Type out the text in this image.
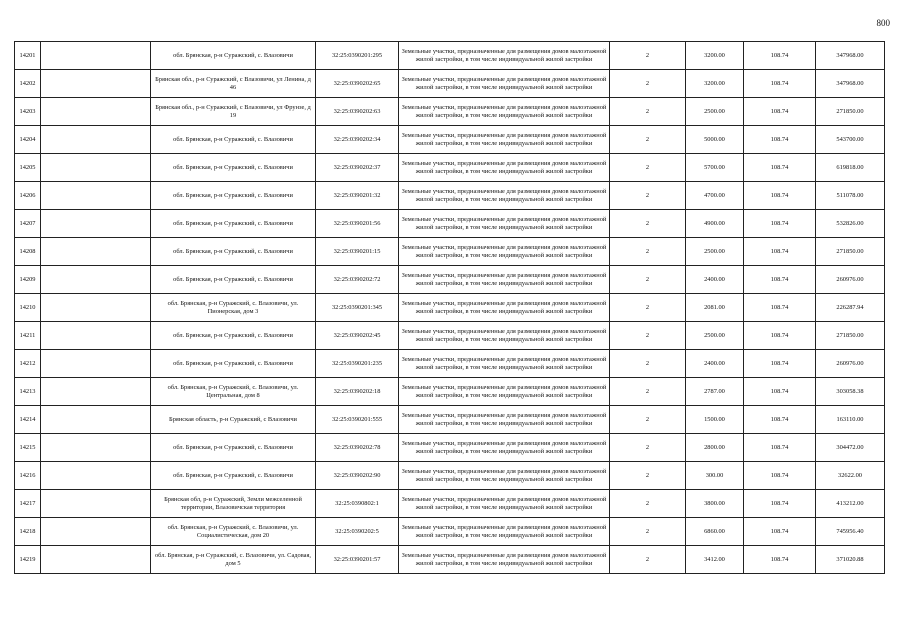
800
14201		обл. Брянская, р-н Суражский, с. Влазовичи	32:25:0390201:295	Земельные участки, предназначенные для размещения домов малоэтажной жилой застройки, в том числе индивидуальной жилой застройки	2	3200.00	108.74	347968.00
14202		Брянская обл., р-н Суражский, с Влазовичи, ул Ленина, д 46	32:25:0390202:65	Земельные участки, предназначенные для размещения домов малоэтажной жилой застройки, в том числе индивидуальной жилой застройки	2	3200.00	108.74	347968.00
14203		Брянская обл., р-н Суражский, с Влазовичи, ул Фрунзе, д 19	32:25:0390202:63	Земельные участки, предназначенные для размещения домов малоэтажной жилой застройки, в том числе индивидуальной жилой застройки	2	2500.00	108.74	271850.00
14204		обл. Брянская, р-н Суражский, с. Влазовичи	32:25:0390202:34	Земельные участки, предназначенные для размещения домов малоэтажной жилой застройки, в том числе индивидуальной жилой застройки	2	5000.00	108.74	543700.00
14205		обл. Брянская, р-н Суражский, с. Влазовичи	32:25:0390202:37	Земельные участки, предназначенные для размещения домов малоэтажной жилой застройки, в том числе индивидуальной жилой застройки	2	5700.00	108.74	619818.00
14206		обл. Брянская, р-н Суражский, с. Влазовичи	32:25:0390201:32	Земельные участки, предназначенные для размещения домов малоэтажной жилой застройки, в том числе индивидуальной жилой застройки	2	4700.00	108.74	511078.00
14207		обл. Брянская, р-н Суражский, с. Влазовичи	32:25:0390201:56	Земельные участки, предназначенные для размещения домов малоэтажной жилой застройки, в том числе индивидуальной жилой застройки	2	4900.00	108.74	532826.00
14208		обл. Брянская, р-н Суражский, с. Влазовичи	32:25:0390201:15	Земельные участки, предназначенные для размещения домов малоэтажной жилой застройки, в том числе индивидуальной жилой застройки	2	2500.00	108.74	271850.00
14209		обл. Брянская, р-н Суражский, с. Влазовичи	32:25:0390202:72	Земельные участки, предназначенные для размещения домов малоэтажной жилой застройки, в том числе индивидуальной жилой застройки	2	2400.00	108.74	260976.00
14210		обл. Брянская, р-н Суражский, с. Влазовичи, ул. Пионерская, дом 3	32:25:0390201:345	Земельные участки, предназначенные для размещения домов малоэтажной жилой застройки, в том числе индивидуальной жилой застройки	2	2081.00	108.74	226287.94
14211		обл. Брянская, р-н Суражский, с. Влазовичи	32:25:0390202:45	Земельные участки, предназначенные для размещения домов малоэтажной жилой застройки, в том числе индивидуальной жилой застройки	2	2500.00	108.74	271850.00
14212		обл. Брянская, р-н Суражский, с. Влазовичи	32:25:0390201:235	Земельные участки, предназначенные для размещения домов малоэтажной жилой застройки, в том числе индивидуальной жилой застройки	2	2400.00	108.74	260976.00
14213		обл. Брянская, р-н Суражский, с. Влазовичи, ул. Центральная, дом 8	32:25:0390202:18	Земельные участки, предназначенные для размещения домов малоэтажной жилой застройки, в том числе индивидуальной жилой застройки	2	2787.00	108.74	303058.38
14214		Брянская область, р-н Суражский, с Влазовичи	32:25:0390201:555	Земельные участки, предназначенные для размещения домов малоэтажной жилой застройки, в том числе индивидуальной жилой застройки	2	1500.00	108.74	163110.00
14215		обл. Брянская, р-н Суражский, с. Влазовичи	32:25:0390202:78	Земельные участки, предназначенные для размещения домов малоэтажной жилой застройки, в том числе индивидуальной жилой застройки	2	2800.00	108.74	304472.00
14216		обл. Брянская, р-н Суражский, с. Влазовичи	32:25:0390202:90	Земельные участки, предназначенные для размещения домов малоэтажной жилой застройки, в том числе индивидуальной жилой застройки	2	300.00	108.74	32622.00
14217		Брянская обл, р-н Суражский, Земли межселенной территории, Влазовичская территория	32:25:0390802:1	Земельные участки, предназначенные для размещения домов малоэтажной жилой застройки, в том числе индивидуальной жилой застройки	2	3800.00	108.74	413212.00
14218		обл. Брянская, р-н Суражский, с. Влазовичи, ул. Социалистическая, дом 20	32:25:0390202:5	Земельные участки, предназначенные для размещения домов малоэтажной жилой застройки, в том числе индивидуальной жилой застройки	2	6860.00	108.74	745956.40
14219		обл. Брянская, р-н Суражский, с. Влазовичи, ул. Садовая, дом 5	32:25:0390201:57	Земельные участки, предназначенные для размещения домов малоэтажной жилой застройки, в том числе индивидуальной жилой застройки	2	3412.00	108.74	371020.88
